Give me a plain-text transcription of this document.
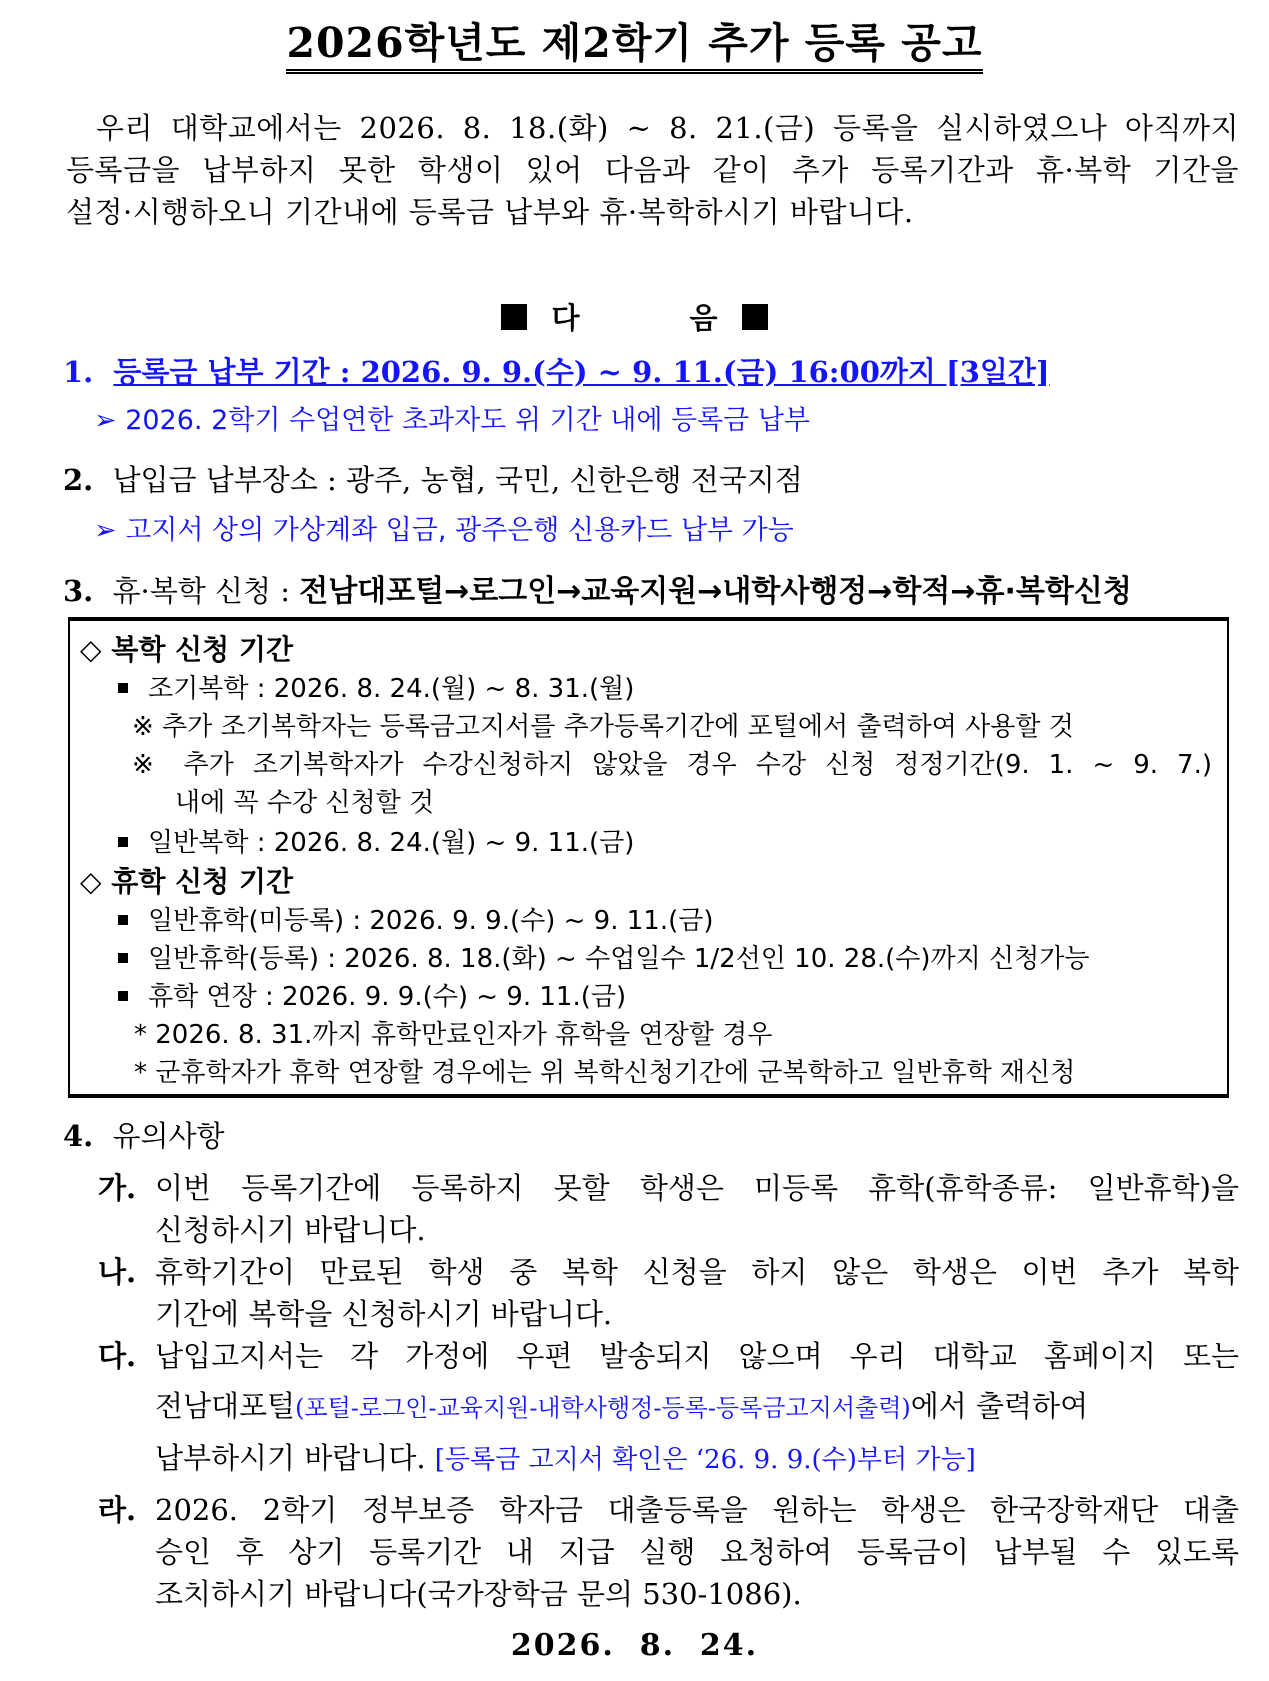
2026학년도 제2학기 추가 등록 공고
우리 대학교에서는 2026. 8. 18.(화) ~ 8. 21.(금) 등록을 실시하였으나 아직까지
등록금을 납부하지 못한 학생이 있어 다음과 같이 추가 등록기간과 휴·복학 기간을
설정·시행하오니 기간내에 등록금 납부와 휴·복학하시기 바랍니다.
다	음
1. 등록금 납부 기간 : 2026. 9. 9.(수) ~ 9. 11.(금) 16:00까지 [3일간]
➢ 2026. 2학기 수업연한 초과자도 위 기간 내에 등록금 납부
2. 납입금 납부장소 : 광주, 농협, 국민, 신한은행 전국지점
➢ 고지서 상의 가상계좌 입금, 광주은행 신용카드 납부 가능
3. 휴·복학 신청 : 전남대포털→로그인→교육지원→내학사행정→학적→휴·복학신청
◇ 복학 신청 기간
조기복학 : 2026. 8. 24.(월) ~ 8. 31.(월)
※ 추가 조기복학자는 등록금고지서를 추가등록기간에 포털에서 출력하여 사용할 것
※ 추가 조기복학자가 수강신청하지 않았을 경우 수강 신청 정정기간(9. 1. ~ 9. 7.)
내에 꼭 수강 신청할 것
일반복학 : 2026. 8. 24.(월) ~ 9. 11.(금)
◇ 휴학 신청 기간
일반휴학(미등록) : 2026. 9. 9.(수) ~ 9. 11.(금)
일반휴학(등록) : 2026. 8. 18.(화) ~ 수업일수 1/2선인 10. 28.(수)까지 신청가능
휴학 연장 : 2026. 9. 9.(수) ~ 9. 11.(금)
* 2026. 8. 31.까지 휴학만료인자가 휴학을 연장할 경우
* 군휴학자가 휴학 연장할 경우에는 위 복학신청기간에 군복학하고 일반휴학 재신청
4. 유의사항
가. 이번 등록기간에 등록하지 못할 학생은 미등록 휴학(휴학종류: 일반휴학)을
신청하시기 바랍니다.
나. 휴학기간이 만료된 학생 중 복학 신청을 하지 않은 학생은 이번 추가 복학
기간에 복학을 신청하시기 바랍니다.
다. 납입고지서는 각 가정에 우편 발송되지 않으며 우리 대학교 홈페이지 또는
전남대포털(포털-로그인-교육지원-내학사행정-등록-등록금고지서출력)에서 출력하여
납부하시기 바랍니다. [등록금 고지서 확인은 ‘26. 9. 9.(수)부터 가능]
라. 2026. 2학기 정부보증 학자금 대출등록을 원하는 학생은 한국장학재단 대출
승인 후 상기 등록기간 내 지급 실행 요청하여 등록금이 납부될 수 있도록
조치하시기 바랍니다(국가장학금 문의 530-1086).
2026.  8.  24.
